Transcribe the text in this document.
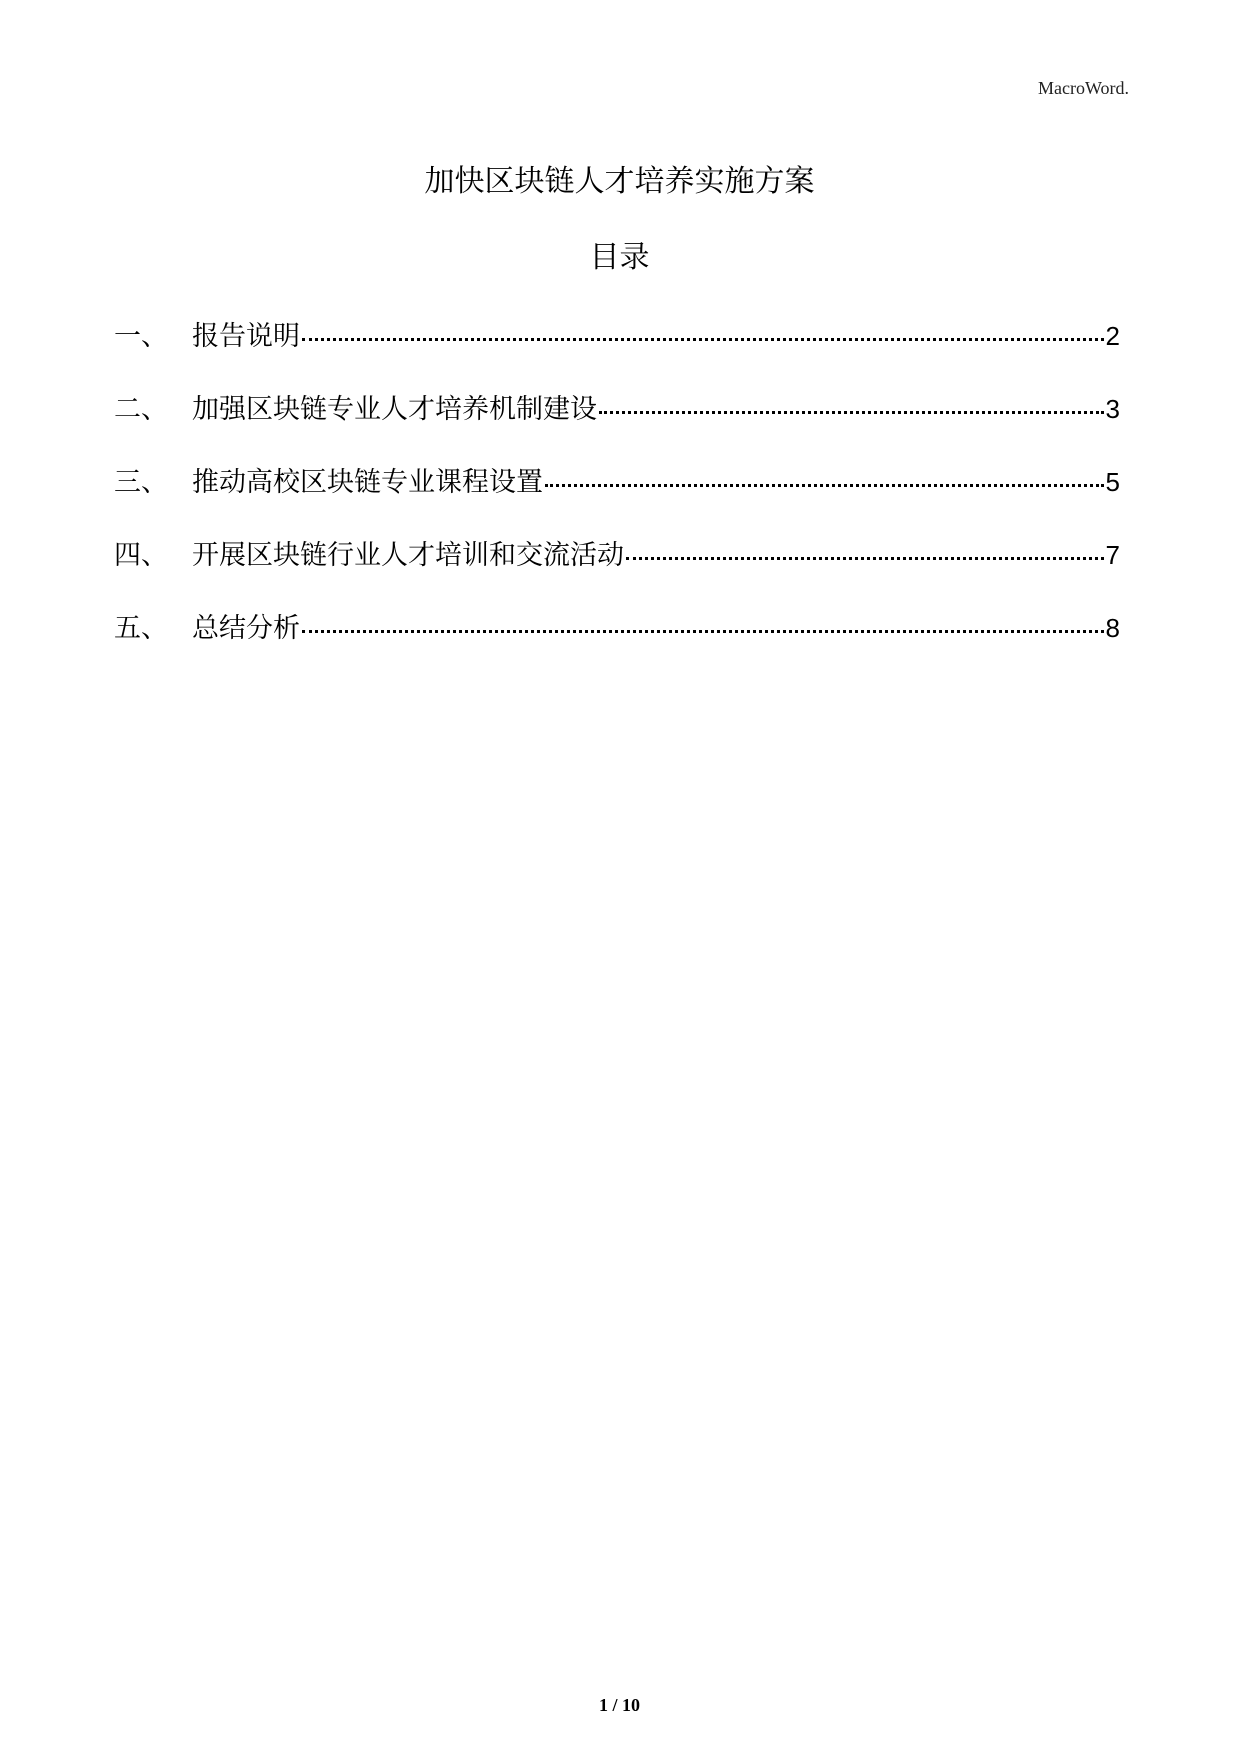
MacroWord.
加快区块链人才培养实施方案
目录
一、 报告说明	2
二、 加强区块链专业人才培养机制建设	3
三、 推动高校区块链专业课程设置	5
四、 开展区块链行业人才培训和交流活动	7
五、 总结分析	8
1 / 10
